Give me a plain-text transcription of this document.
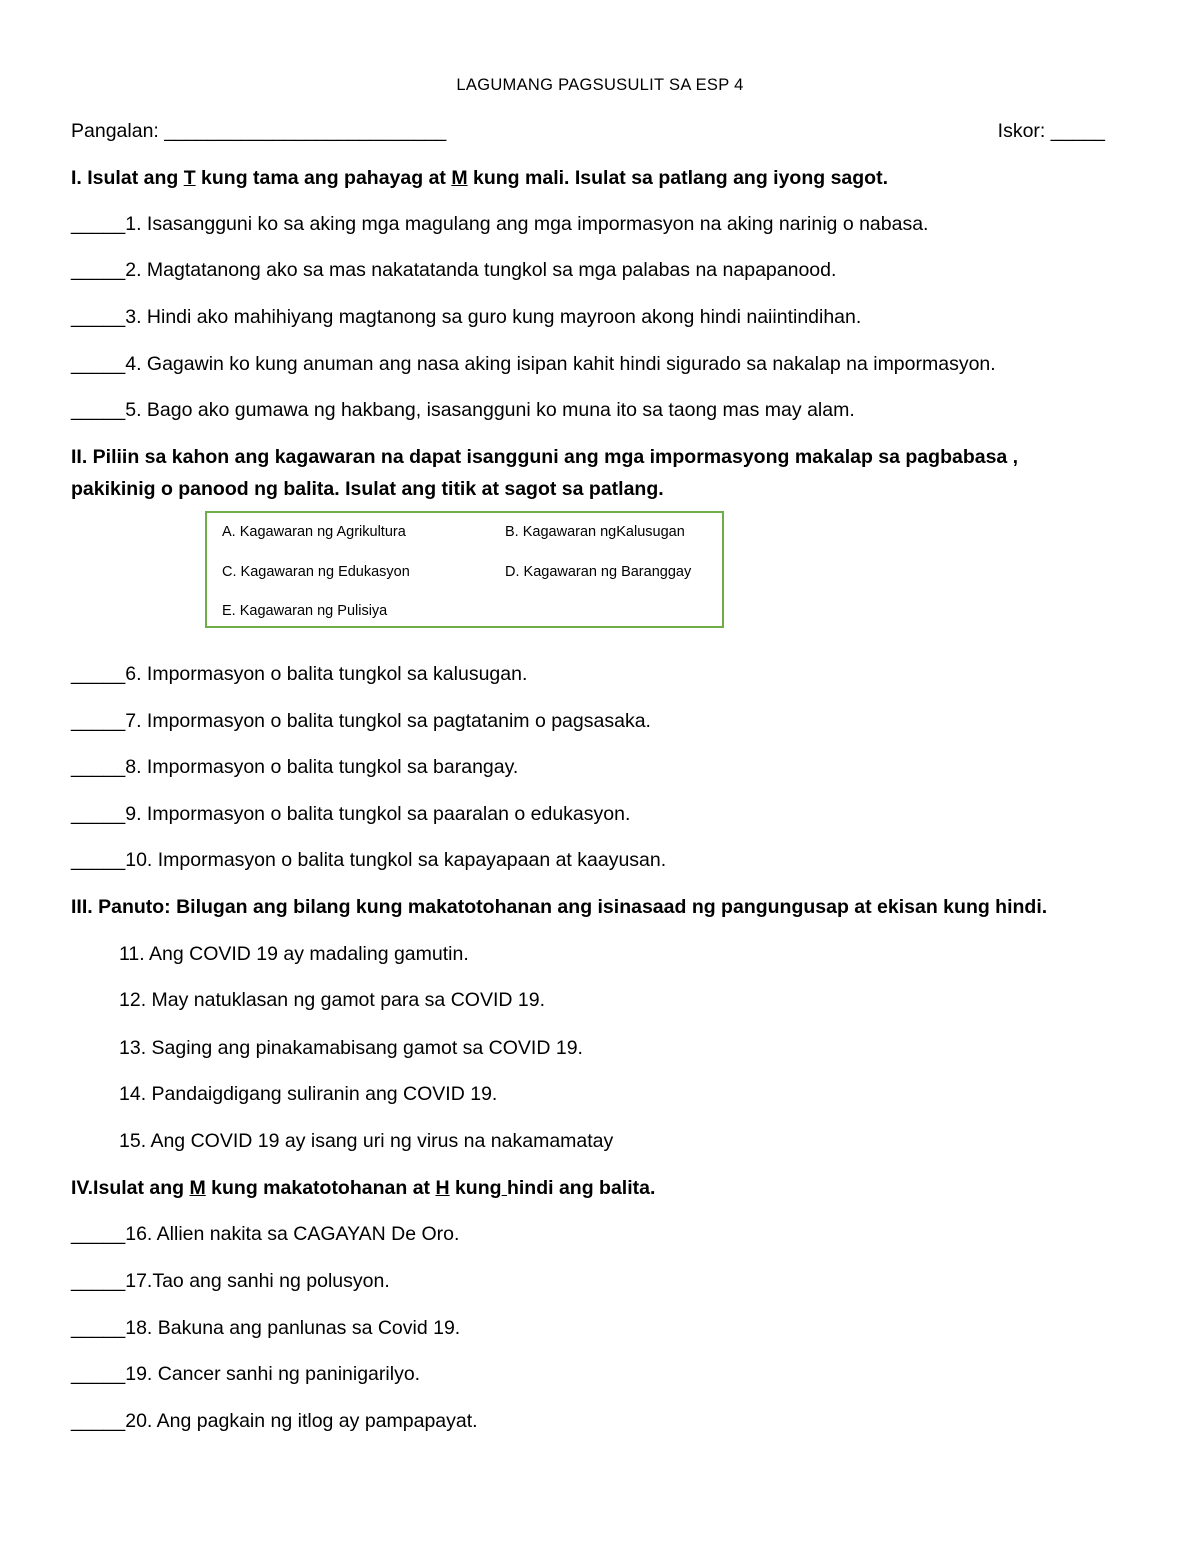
LAGUMANG PAGSUSULIT SA ESP 4
Pangalan: __________________________	Iskor: _____
I. Isulat ang T kung tama ang pahayag at M kung mali. Isulat sa patlang ang iyong sagot.
_____1. Isasangguni ko sa aking mga magulang ang mga impormasyon na aking narinig o nabasa.
_____2. Magtatanong ako sa mas nakatatanda tungkol sa mga palabas na napapanood.
_____3. Hindi ako mahihiyang magtanong sa guro kung mayroon akong hindi naiintindihan.
_____4. Gagawin ko kung anuman ang nasa aking isipan kahit hindi sigurado sa nakalap na impormasyon.
_____5. Bago ako gumawa ng hakbang, isasangguni ko muna ito sa taong mas may alam.
II. Piliin sa kahon ang kagawaran na dapat isangguni ang mga impormasyong makalap sa pagbabasa ,
pakikinig o panood ng balita. Isulat ang titik at sagot sa patlang.
A. Kagawaran ng Agrikultura	B. Kagawaran ngKalusugan
C. Kagawaran ng Edukasyon	D. Kagawaran ng Baranggay
E. Kagawaran ng Pulisiya
_____6. Impormasyon o balita tungkol sa kalusugan.
_____7. Impormasyon o balita tungkol sa pagtatanim o pagsasaka.
_____8. Impormasyon o balita tungkol sa barangay.
_____9. Impormasyon o balita tungkol sa paaralan o edukasyon.
_____10. Impormasyon o balita tungkol sa kapayapaan at kaayusan.
III. Panuto: Bilugan ang bilang kung makatotohanan ang isinasaad ng pangungusap at ekisan kung hindi.
11. Ang COVID 19 ay madaling gamutin.
12. May natuklasan ng gamot para sa COVID 19.
13. Saging ang pinakamabisang gamot sa COVID 19.
14. Pandaigdigang suliranin ang COVID 19.
15. Ang COVID 19 ay isang uri ng virus na nakamamatay
IV.Isulat ang M kung makatotohanan at H kung hindi ang balita.
_____16. Allien nakita sa CAGAYAN De Oro.
_____17.Tao ang sanhi ng polusyon.
_____18. Bakuna ang panlunas sa Covid 19.
_____19. Cancer sanhi ng paninigarilyo.
_____20. Ang pagkain ng itlog ay pampapayat.
